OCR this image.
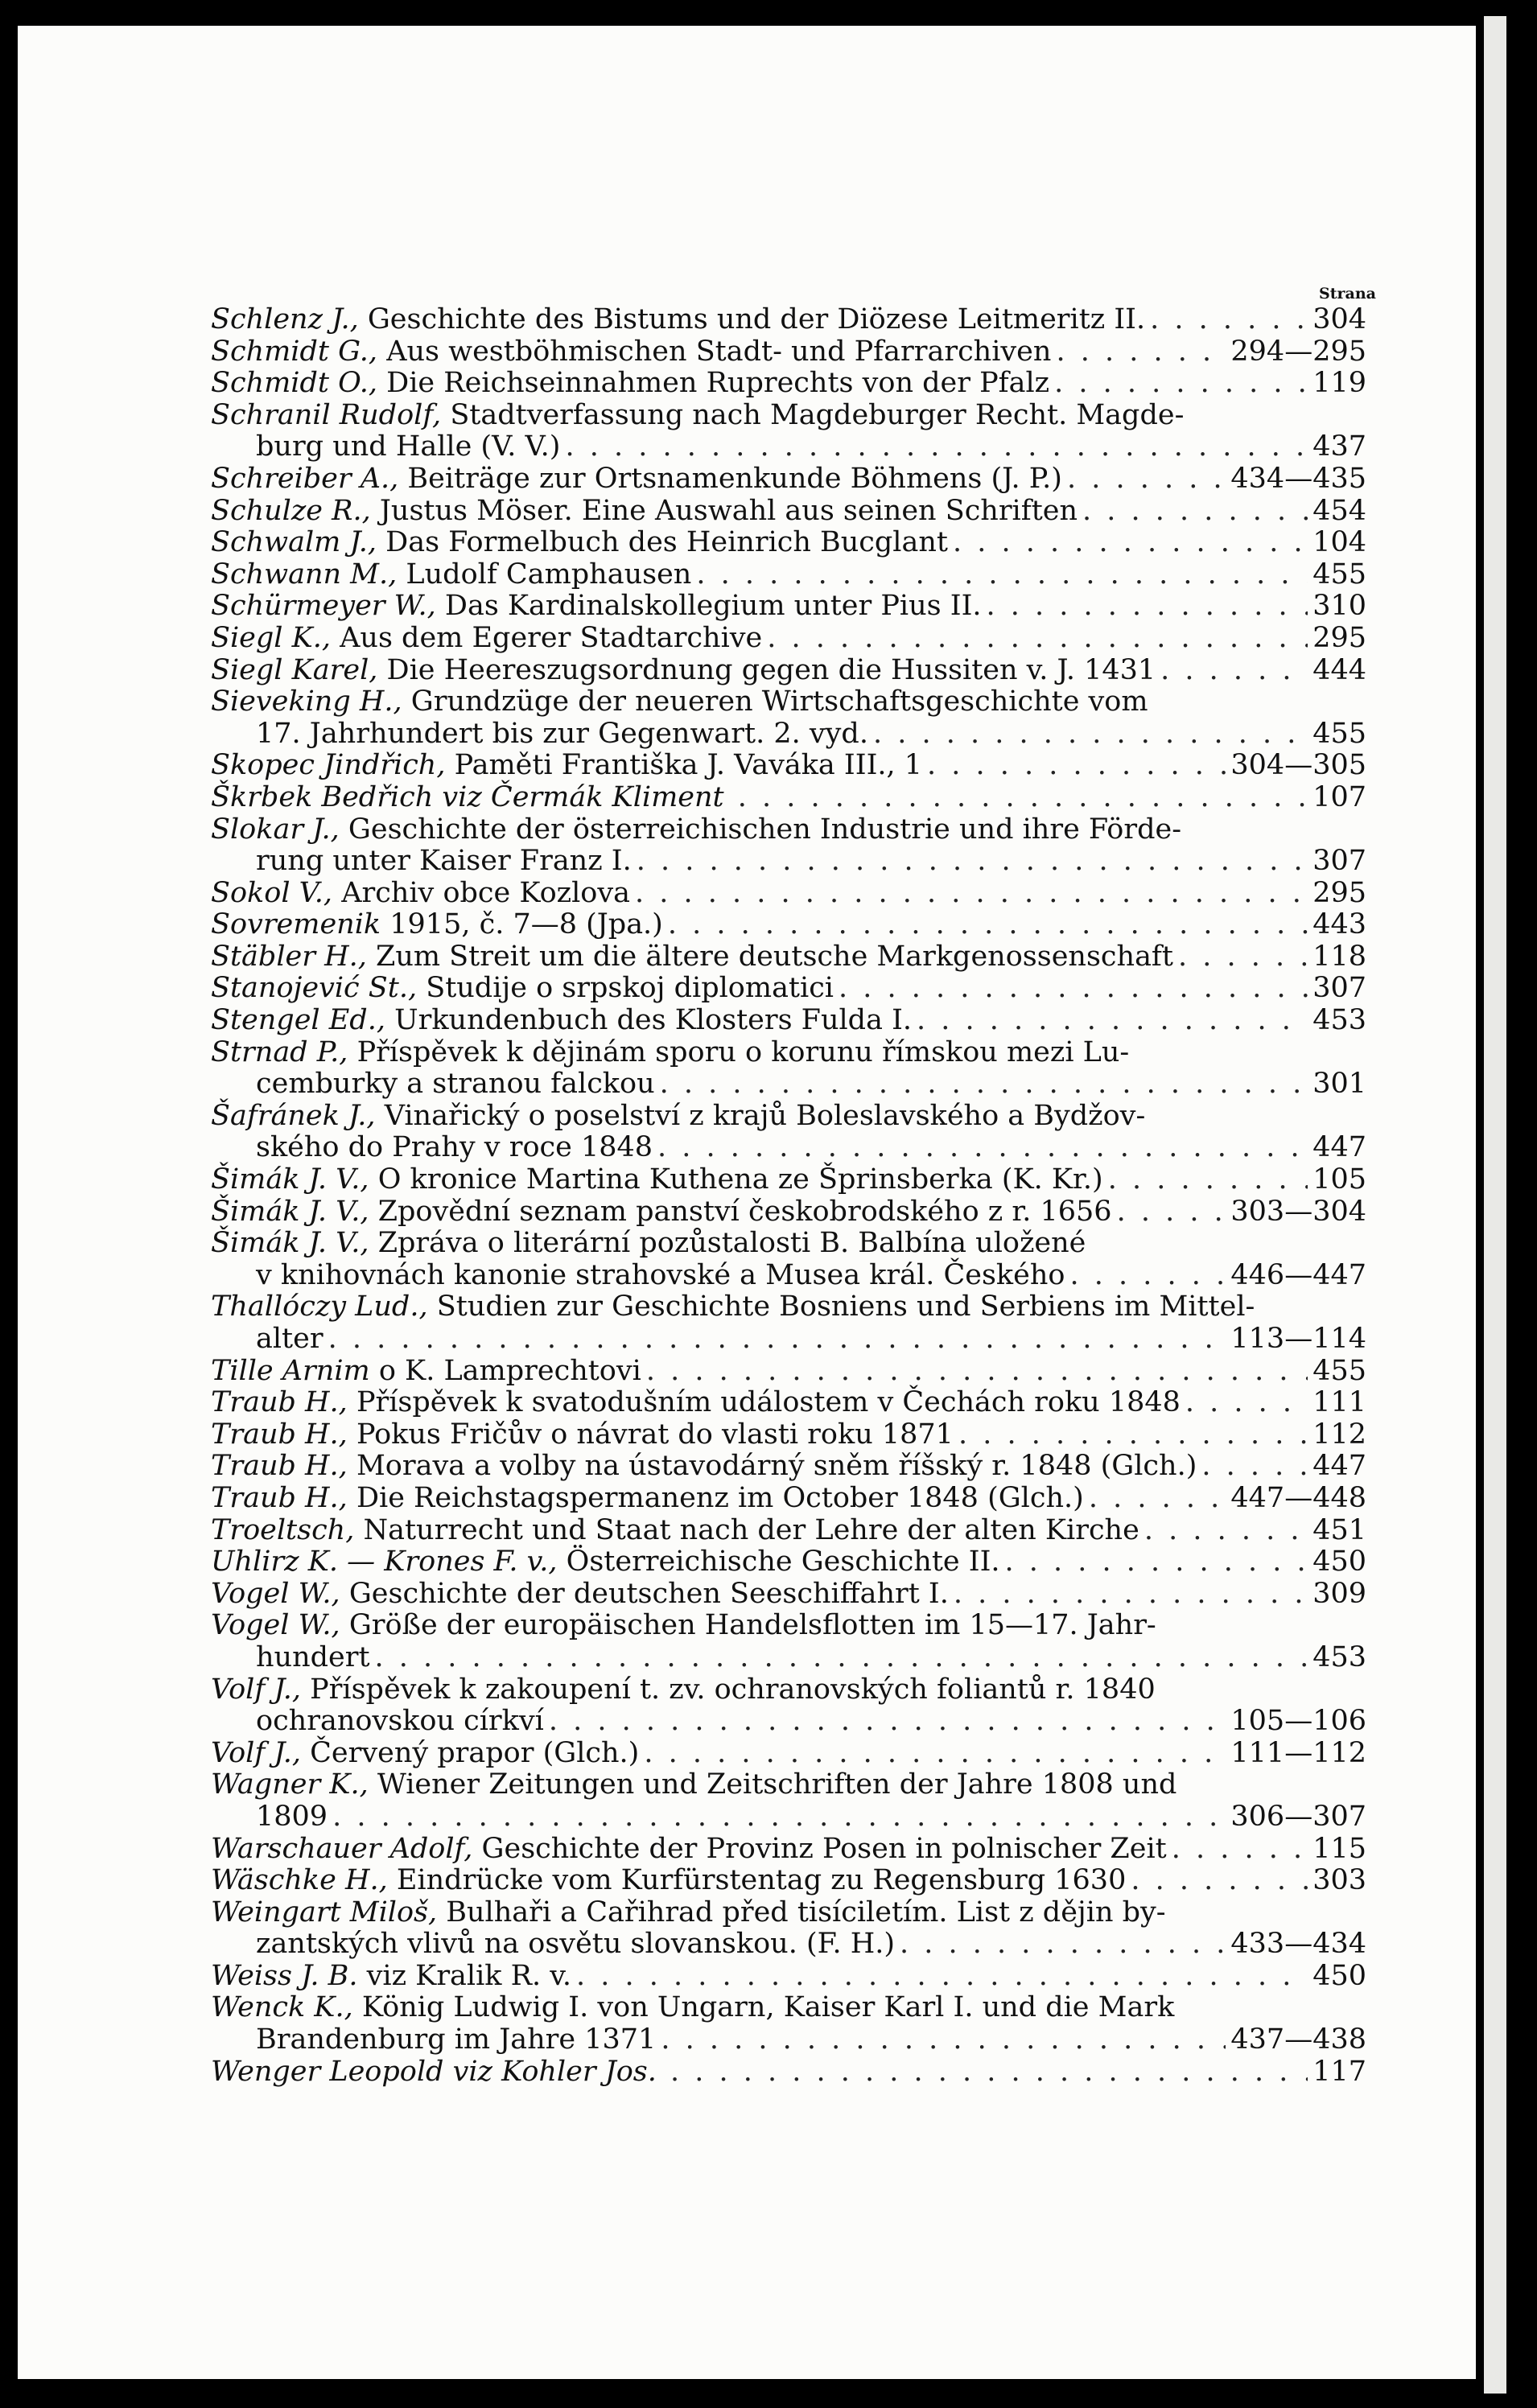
Strana
Schlenz J.,
Geschichte des Bistums und der Diözese Leitmeritz II. . . .	304
Schmidt G.,
Aus westböhmischen Stadt- und Pfarrarchiven . . .	294—295
Schmidt O.,
Die Reichseinnahmen Ruprechts von der Pfalz . . .	119
Schranil Rudolf,
Stadtverfassung nach Magdeburger Recht. Magde-
burg und Halle (V. V.) . . .	437
Schreiber A.,
Beiträge zur Ortsnamenkunde Böhmens (J. P.) . . .	434—435
Schulze R.,
Justus Möser. Eine Auswahl aus seinen Schriften . . .	454
Schwalm J.,
Das Formelbuch des Heinrich Bucglant . . .	104
Schwann M.,
Ludolf Camphausen . . .	455
Schürmeyer W.,
Das Kardinalskollegium unter Pius II. . . .	310
Siegl K.,
Aus dem Egerer Stadtarchive . . .	295
Siegl Karel,
Die Heereszugsordnung gegen die Hussiten v. J. 1431 . . .	444
Sieveking H.,
Grundzüge der neueren Wirtschaftsgeschichte vom
17. Jahrhundert bis zur Gegenwart. 2. vyd. . . .	455
Skopec Jindřich,
Paměti Františka J. Vaváka III., 1 . . .	304—305
Škrbek Bedřich viz Čermák Kliment
. . .	107
Slokar J.,
Geschichte der österreichischen Industrie und ihre Förde-
rung unter Kaiser Franz I. . . .	307
Sokol V.,
Archiv obce Kozlova . . .	295
Sovremenik
1915, č. 7—8 (Jpa.) . . .	443
Stäbler H.,
Zum Streit um die ältere deutsche Markgenossenschaft . . .	118
Stanojević St.,
Studije o srpskoj diplomatici . . .	307
Stengel Ed.,
Urkundenbuch des Klosters Fulda I. . . .	453
Strnad P.,
Příspěvek k dějinám sporu o korunu římskou mezi Lu-
cemburky a stranou falckou . . .	301
Šafránek J.,
Vinařický o poselství z krajů Boleslavského a Bydžov-
ského do Prahy v roce 1848 . . .	447
Šimák J. V.,
O kronice Martina Kuthena ze Šprinsberka (K. Kr.) . . .	105
Šimák J. V.,
Zpovědní seznam panství českobrodského z r. 1656 . . .	303—304
Šimák J. V.,
Zpráva o literární pozůstalosti B. Balbína uložené
v knihovnách kanonie strahovské a Musea král. Českého . . .	446—447
Thallóczy Lud.,
Studien zur Geschichte Bosniens und Serbiens im Mittel-
alter . . .	113—114
Tille Arnim
o K. Lamprechtovi . . .	455
Traub H.,
Příspěvek k svatodušním událostem v Čechách roku 1848 . . .	111
Traub H.,
Pokus Fričův o návrat do vlasti roku 1871 . . .	112
Traub H.,
Morava a volby na ústavodárný sněm říšský r. 1848 (Glch.) . . .	447
Traub H.,
Die Reichstagspermanenz im October 1848 (Glch.) . . .	447—448
Troeltsch,
Naturrecht und Staat nach der Lehre der alten Kirche . . .	451
Uhlirz K. — Krones F. v.,
Österreichische Geschichte II. . . .	450
Vogel W.,
Geschichte der deutschen Seeschiffahrt I. . . .	309
Vogel W.,
Größe der europäischen Handelsflotten im 15—17. Jahr-
hundert . . .	453
Volf J.,
Příspěvek k zakoupení t. zv. ochranovských foliantů r. 1840
ochranovskou církví . . .	105—106
Volf J.,
Červený prapor (Glch.) . . .	111—112
Wagner K.,
Wiener Zeitungen und Zeitschriften der Jahre 1808 und
1809 . . .	306—307
Warschauer Adolf,
Geschichte der Provinz Posen in polnischer Zeit . . .	115
Wäschke H.,
Eindrücke vom Kurfürstentag zu Regensburg 1630 . . .	303
Weingart Miloš,
Bulhaři a Cařihrad před tisíciletím. List z dějin by-
zantských vlivů na osvětu slovanskou. (F. H.) . . .	433—434
Weiss J. B.
viz Kralik R. v. . . .	450
Wenck K.,
König Ludwig I. von Ungarn, Kaiser Karl I. und die Mark
Brandenburg im Jahre 1371 . . .	437—438
Wenger Leopold viz Kohler Jos.
. . .	117
